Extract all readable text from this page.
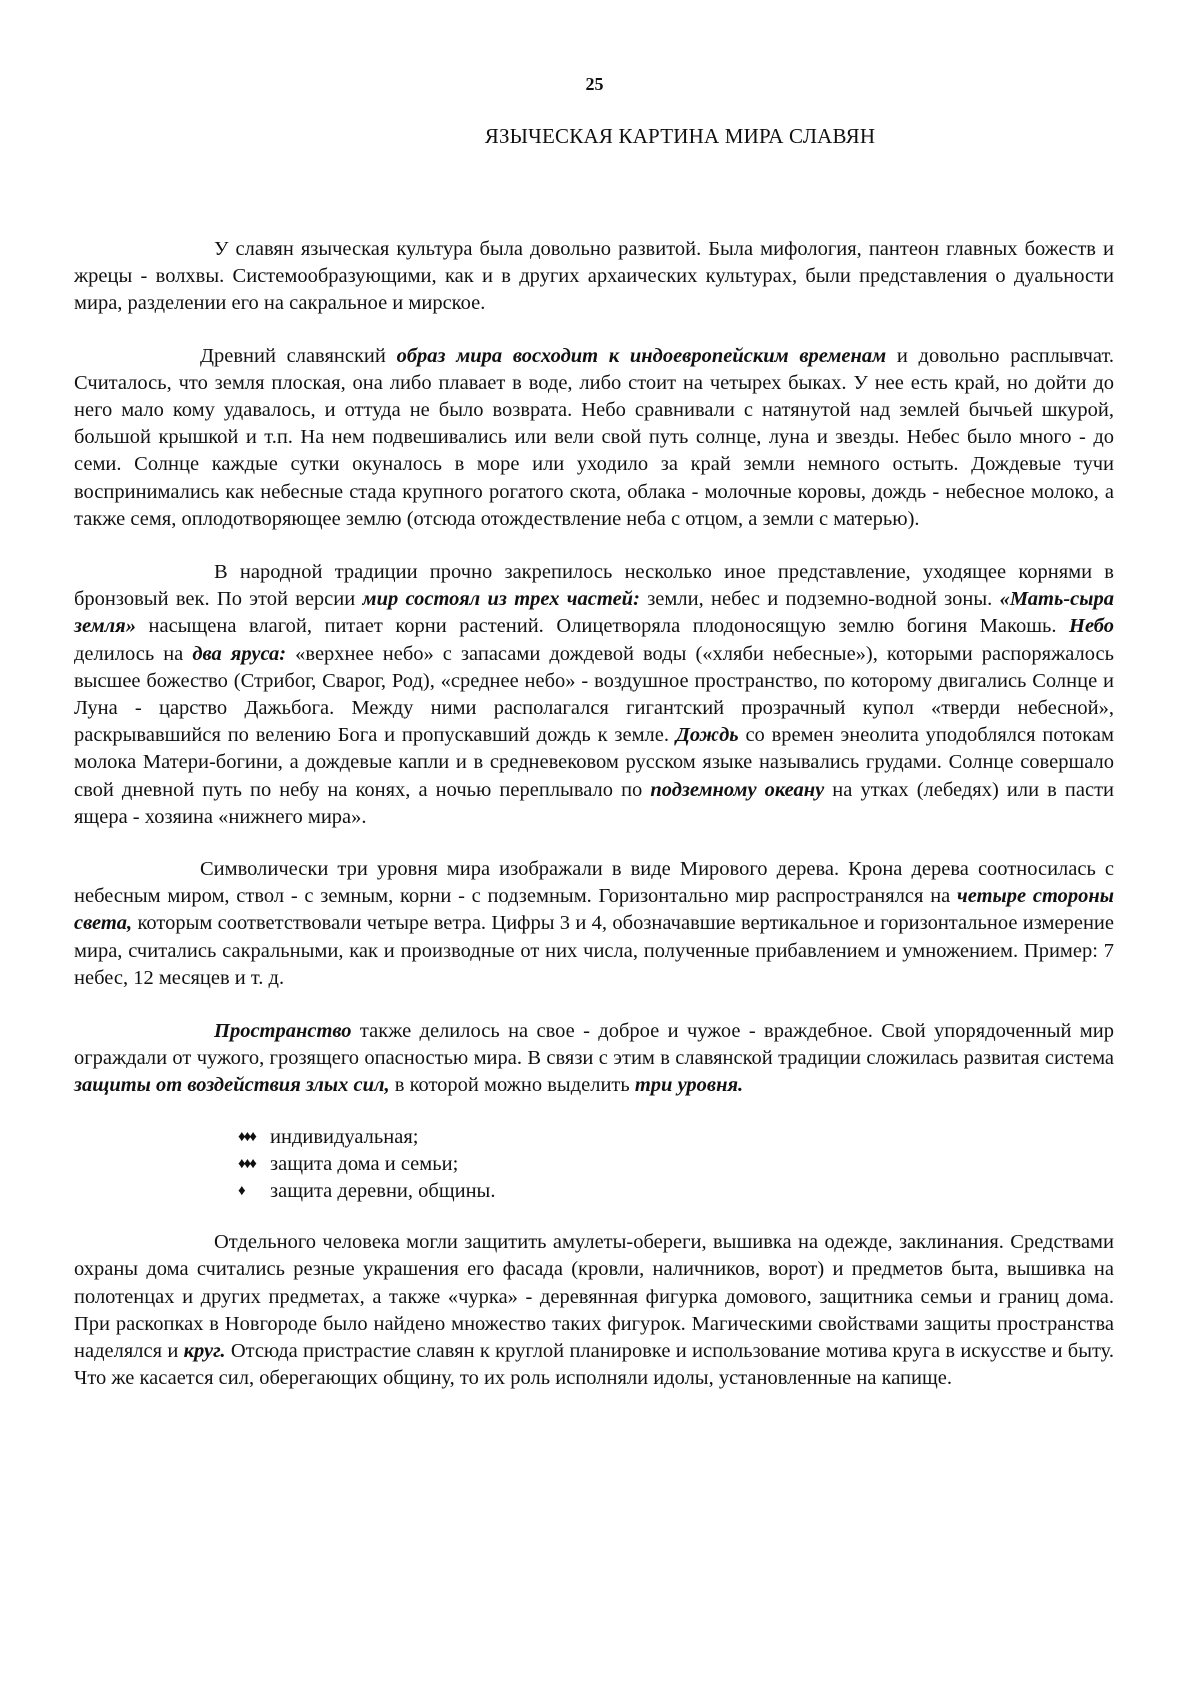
25
ЯЗЫЧЕСКАЯ КАРТИНА МИРА СЛАВЯН

У славян языческая культура была довольно развитой. Была мифология, пантеон главных божеств и жрецы - волхвы. Системообразующими, как и в других архаических культурах, были представления о дуальности мира, разделении его на сакральное и мирское.

Древний славянский образ мира восходит к индоевропейским временам и довольно расплывчат. Считалось, что земля плоская, она либо плавает в воде, либо стоит на четырех быках. У нее есть край, но дойти до него мало кому удавалось, и оттуда не было возврата. Небо сравнивали с натянутой над землей бычьей шкурой, большой крышкой и т.п. На нем подвешивались или вели свой путь солнце, луна и звезды. Небес было много - до семи. Солнце каждые сутки окуналось в море или уходило за край земли немного остыть. Дождевые тучи воспринимались как небесные стада крупного рогатого скота, облака - молочные коровы, дождь - небесное молоко, а также семя, оплодотворяющее землю (отсюда отождествление неба с отцом, а земли с матерью).

В народной традиции прочно закрепилось несколько иное представление, уходящее корнями в бронзовый век. По этой версии мир состоял из трех частей: земли, небес и подземно-водной зоны. «Мать-сыра земля» насыщена влагой, питает корни растений. Олицетворяла плодоносящую землю богиня Макошь. Небо делилось на два яруса: «верхнее небо» с запасами дождевой воды («хляби небесные»), которыми распоряжалось высшее божество (Стрибог, Сварог, Род), «среднее небо» - воздушное пространство, по которому двигались Солнце и Луна - царство Дажьбога. Между ними располагался гигантский прозрачный купол «тверди небесной», раскрывавшийся по велению Бога и пропускавший дождь к земле. Дождь со времен энеолита уподоблялся потокам молока Матери-богини, а дождевые капли и в средневековом русском языке назывались грудами. Солнце совершало свой дневной путь по небу на конях, а ночью переплывало по подземному океану на утках (лебедях) или в пасти ящера - хозяина «нижнего мира».

Символически три уровня мира изображали в виде Мирового дерева. Крона дерева соотносилась с небесным миром, ствол - с земным, корни - с подземным. Горизонтально мир распространялся на четыре стороны света, которым соответствовали четыре ветра. Цифры 3 и 4, обозначавшие вертикальное и горизонтальное измерение мира, считались сакральными, как и производные от них числа, полученные прибавлением и умножением. Пример: 7 небес, 12 месяцев и т. д.

Пространство также делилось на свое - доброе и чужое - враждебное. Свой упорядоченный мир ограждали от чужого, грозящего опасностью мира. В связи с этим в славянской традиции сложилась развитая система защиты от воздействия злых сил, в которой можно выделить три уровня.

♦♦♦ индивидуальная;
♦♦♦ защита дома и семьи;
♦	защита деревни, общины.

Отдельного человека могли защитить амулеты-обереги, вышивка на одежде, заклинания. Средствами охраны дома считались резные украшения его фасада (кровли, наличников, ворот) и предметов быта, вышивка на полотенцах и других предметах, а также «чурка» - деревянная фигурка домового, защитника семьи и границ дома. При раскопках в Новгороде было найдено множество таких фигурок. Магическими свойствами защиты пространства наделялся и круг. Отсюда пристрастие славян к круглой планировке и использование мотива круга в искусстве и быту. Что же касается сил, оберегающих общину, то их роль исполняли идолы, установленные на капище.
